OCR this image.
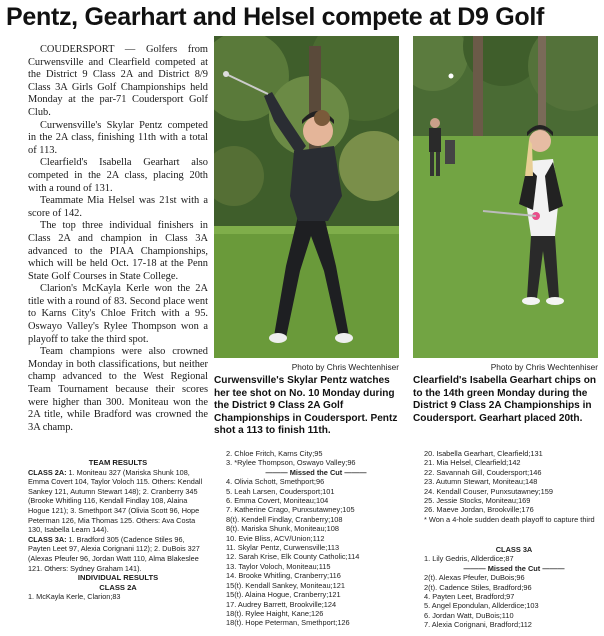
Pentz, Gearhart and Helsel compete at D9 Golf

COUDERSPORT — Golfers from Curwensville and Clearfield competed at the District 9 Class 2A and District 8/9 Class 3A Girls Golf Championships held Monday at the par-71 Coudersport Golf Club.

Curwensville's Skylar Pentz competed in the 2A class, finishing 11th with a total of 113.

Clearfield's Isabella Gearhart also competed in the 2A class, placing 20th with a round of 131.

Teammate Mia Helsel was 21st with a score of 142.

The top three individual finishers in Class 2A and champion in Class 3A advanced to the PIAA Championships, which will be held Oct. 17-18 at the Penn State Golf Courses in State College.

Clarion's McKayla Kerle won the 2A title with a round of 83. Second place went to Karns City's Chloe Fritch with a 95. Oswayo Valley's Rylee Thompson won a playoff to take the third spot.

Team champions were also crowned Monday in both classifications, but neither champ advanced to the West Regional Team Tournament because their scores were higher than 300. Moniteau won the 2A title, while Bradford was crowned the 3A champ.

TEAM RESULTS

CLASS 2A: 1. Moniteau 327 (Mariska Shunk 108, Emma Covert 104, Taylor Voloch 115. Others: Kendall Sankey 121, Autumn Stewart 148); 2. Cranberry 345 (Brooke Whitling 116, Kendall Findlay 108, Alaina Hogue 121); 3. Smethport 347 (Olivia Scott 96, Hope Peterman 126, Mia Thomas 125. Others: Ava Costa 130, Isabella Learn 144).

CLASS 3A: 1. Bradford 305 (Cadence Stiles 96, Payten Leet 97, Alexia Corignani 112); 2. DuBois 327 (Alexas Pfeufer 96, Jordan Watt 110, Alma Blakeslee 121. Others: Sydney Graham 141).

INDIVIDUAL RESULTS
CLASS 2A

1. McKayla Kerle, Clarion;83

Photo by Chris Wechtenhiser
Curwensville's Skylar Pentz watches her tee shot on No. 10 Monday during the District 9 Class 2A Golf Championships in Coudersport. Pentz shot a 113 to finish 11th.
Photo by Chris Wechtenhiser
Clearfield's Isabella Gearhart chips on to the 14th green Monday during the District 9 Class 2A Championships in Coudersport. Gearhart placed 20th.
2. Chloe Fritch, Karns City;95
3. *Rylee Thompson, Oswayo Valley;96
——— Missed the Cut ———
4. Olivia Schott, Smethport;96
5. Leah Larsen, Coudersport;101
6. Emma Covert, Moniteau;104
7. Katherine Crago, Punxsutawney;105
8(t). Kendell Findlay, Cranberry;108
8(t). Mariska Shunk, Moniteau;108
10. Evie Bliss, ACV/Union;112
11. Skylar Pentz, Curwensville;113
12. Sarah Krise, Elk County Catholic;114
13. Taylor Voloch, Moniteau;115
14. Brooke Whitling, Cranberry;116
15(t). Kendall Sankey, Moniteau;121
15(t). Alaina Hogue, Cranberry;121
17. Audrey Barrett, Brookville;124
18(t). Rylee Haight, Kane;126
18(t). Hope Peterman, Smethport;126
20. Isabella Gearhart, Clearfield;131
21. Mia Helsel, Clearfield;142
22. Savannah Gill, Coudersport;146
23. Autumn Stewart, Moniteau;148
24. Kendall Couser, Punxsutawney;159
25. Jessie Stocks, Moniteau;169
26. Maeve Jordan, Brookville;176
* Won a 4-hole sudden death playoff to capture third
CLASS 3A
1. Lily Gedris, Allderdice;87
——— Missed the Cut ———
2(t). Alexas Pfeufer, DuBois;96
2(t). Cadence Stiles, Bradford;96
4. Payten Leet, Bradford;97
5. Angel Epondulan, Allderdice;103
6. Jordan Watt, DuBois;110
7. Alexia Corignani, Bradford;112
